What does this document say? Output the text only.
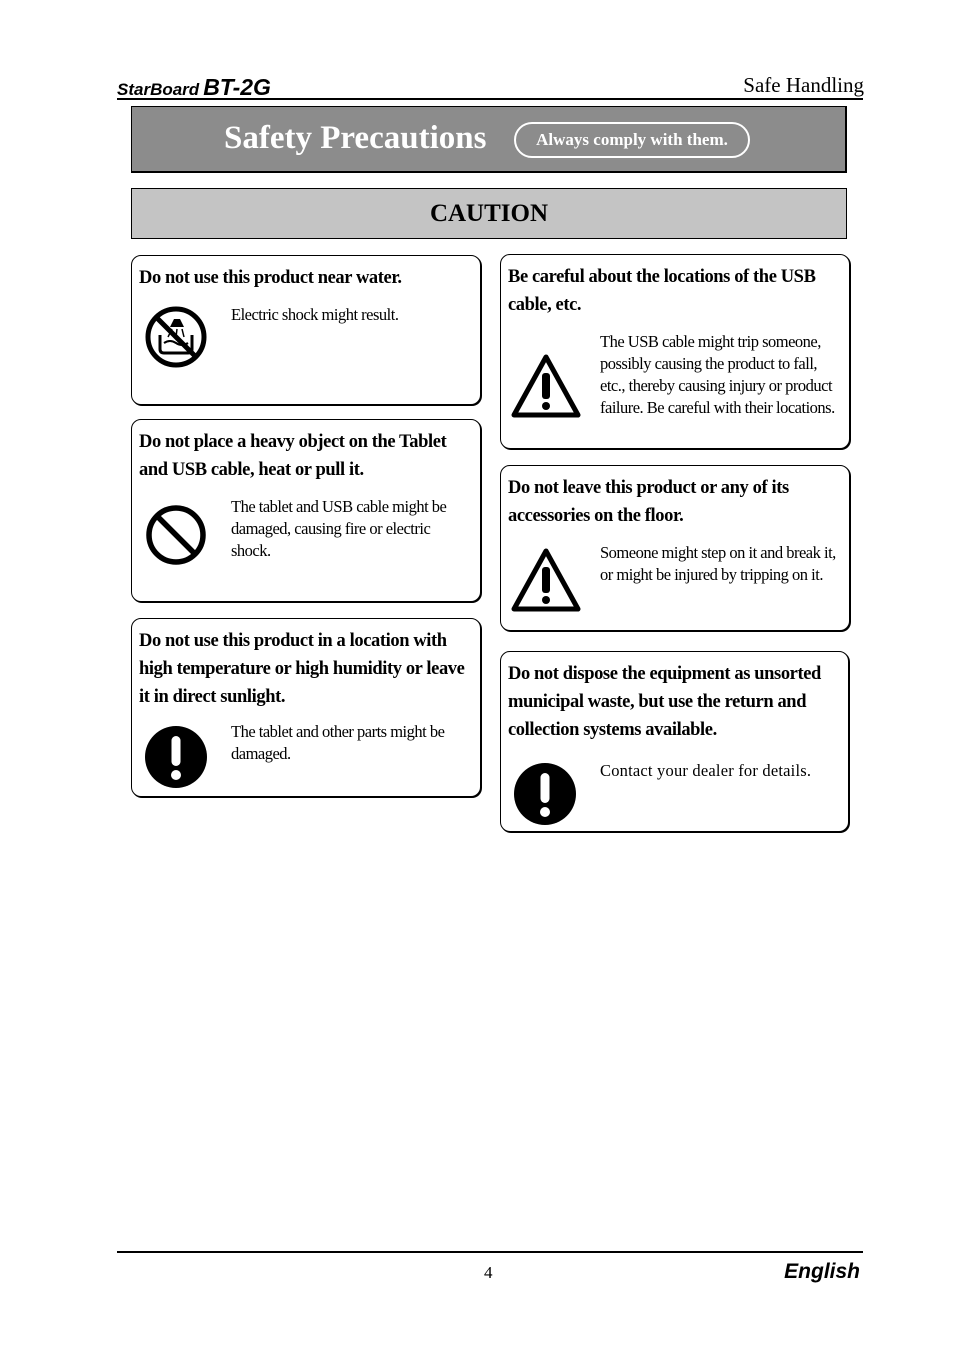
StarBoard BT-2G	Safe Handling
Safety Precautions	Always comply with them.
CAUTION
Do not use this product near water.
Electric shock might result.
Do not place a heavy object on the Tablet and USB cable, heat or pull it.
The tablet and USB cable might be damaged, causing fire or electric shock.
Do not use this product in a location with high temperature or high humidity or leave it in direct sunlight.
The tablet and other parts might be damaged.
Be careful about the locations of the USB cable, etc.
The USB cable might trip someone, possibly causing the product to fall, etc., thereby causing injury or product failure. Be careful with their locations.
Do not leave this product or any of its accessories on the floor.
Someone might step on it and break it, or might be injured by tripping on it.
Do not dispose the equipment as unsorted municipal waste, but use the return and collection systems available.
Contact your dealer for details.
4	English
